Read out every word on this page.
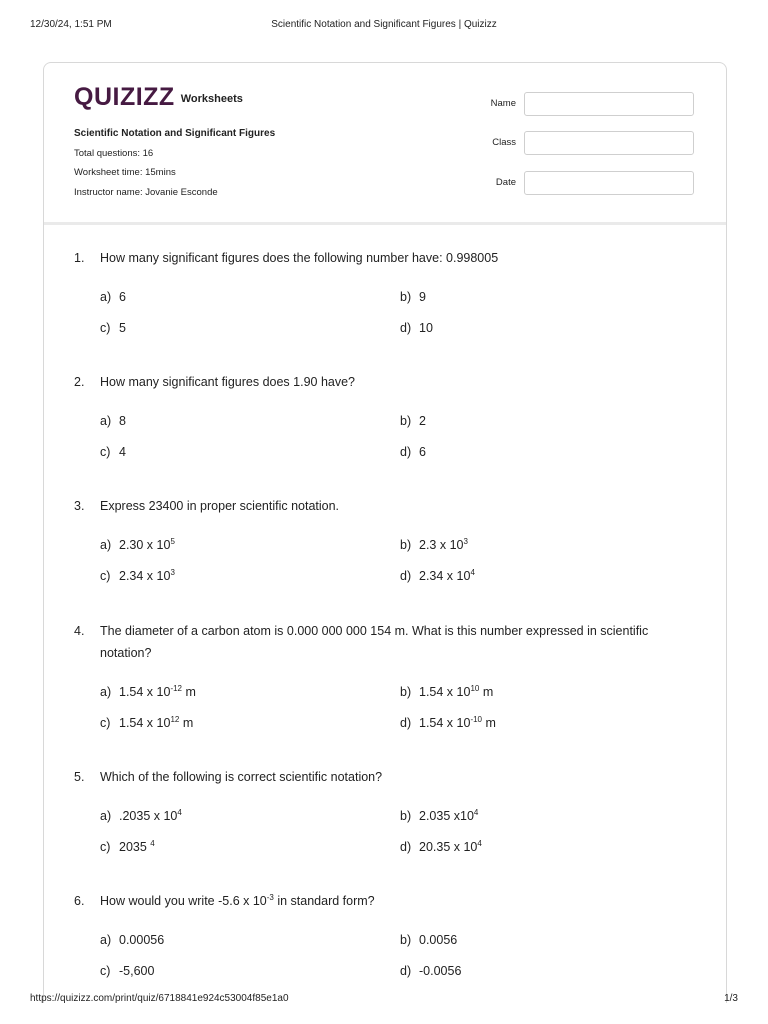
12/30/24, 1:51 PM	Scientific Notation and Significant Figures | Quizizz
QUIZIZZ Worksheets
Scientific Notation and Significant Figures
Total questions: 16
Worksheet time: 15mins
Instructor name: Jovanie Esconde
Name
Class
Date
1. How many significant figures does the following number have: 0.998005
a) 6	b) 9
c) 5	d) 10
2. How many significant figures does 1.90 have?
a) 8	b) 2
c) 4	d) 6
3. Express 23400 in proper scientific notation.
a) 2.30 x $10^5$	b) 2.3 x $10^3$
c) 2.34 x $10^3$	d) 2.34 x $10^4$
4. The diameter of a carbon atom is 0.000 000 000 154 m. What is this number expressed in scientific notation?
a) 1.54 x $10^{-12}$ m	b) 1.54 x $10^{10}$ m
c) 1.54 x $10^{12}$ m	d) 1.54 x $10^{-10}$ m
5. Which of the following is correct scientific notation?
a) .2035 x $10^4$	b) 2.035 $x10^4$
c) 2035 $^4$	d) 20.35 x $10^4$
6. How would you write -5.6 x $10^{-3}$ in standard form?
a) 0.00056	b) 0.0056
c) -5,600	d) -0.0056
https://quizizz.com/print/quiz/6718841e924c53004f85e1a0	1/3
